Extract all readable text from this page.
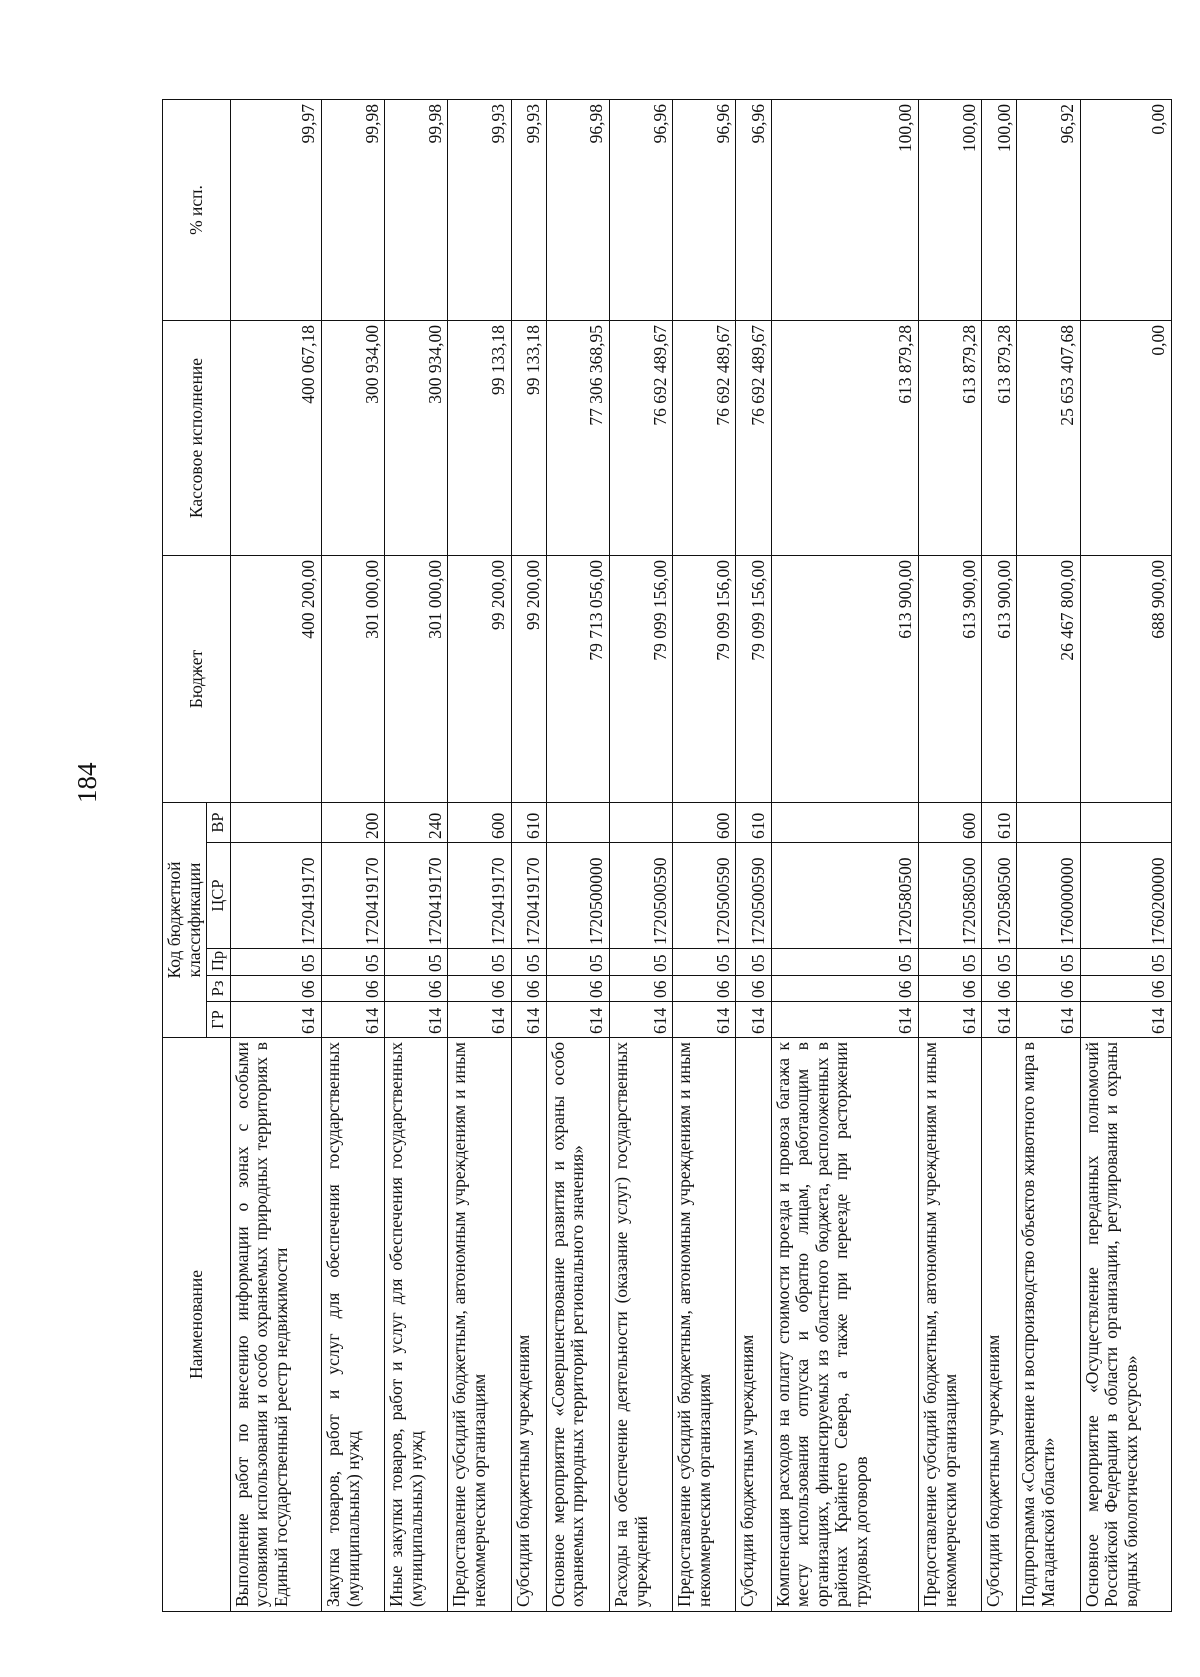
184
Наименование	Код бюджетной классификации					Бюджет	Кассовое исполнение	% исп.
	ГР	Рз	Пр	ЦСР	ВР			
Выполнение работ по внесению информации о зонах с особыми условиями использования и особо охраняемых природных территориях в Единый государственный реестр недвижимости	614	06	05	1720419170		400 200,00	400 067,18	99,97
Закупка товаров, работ и услуг для обеспечения государственных (муниципальных) нужд	614	06	05	1720419170	200	301 000,00	300 934,00	99,98
Иные закупки товаров, работ и услуг для обеспечения государственных (муниципальных) нужд	614	06	05	1720419170	240	301 000,00	300 934,00	99,98
Предоставление субсидий бюджетным, автономным учреждениям и иным некоммерческим организациям	614	06	05	1720419170	600	99 200,00	99 133,18	99,93
Субсидии бюджетным учреждениям	614	06	05	1720419170	610	99 200,00	99 133,18	99,93
Основное мероприятие «Совершенствование развития и охраны особо охраняемых природных территорий регионального значения»	614	06	05	1720500000		79 713 056,00	77 306 368,95	96,98
Расходы на обеспечение деятельности (оказание услуг) государственных учреждений	614	06	05	1720500590		79 099 156,00	76 692 489,67	96,96
Предоставление субсидий бюджетным, автономным учреждениям и иным некоммерческим организациям	614	06	05	1720500590	600	79 099 156,00	76 692 489,67	96,96
Субсидии бюджетным учреждениям	614	06	05	1720500590	610	79 099 156,00	76 692 489,67	96,96
Компенсация расходов на оплату стоимости проезда и провоза багажа к месту использования отпуска и обратно лицам, работающим в организациях, финансируемых из областного бюджета, расположенных в районах Крайнего Севера, а также при переезде при расторжении трудовых договоров	614	06	05	1720580500		613 900,00	613 879,28	100,00
Предоставление субсидий бюджетным, автономным учреждениям и иным некоммерческим организациям	614	06	05	1720580500	600	613 900,00	613 879,28	100,00
Субсидии бюджетным учреждениям	614	06	05	1720580500	610	613 900,00	613 879,28	100,00
Подпрограмма «Сохранение и воспроизводство объектов животного мира в Магаданской области»	614	06	05	1760000000		26 467 800,00	25 653 407,68	96,92
Основное мероприятие «Осуществление переданных полномочий Российской Федерации в области организации, регулирования и охраны водных биологических ресурсов»	614	06	05	1760200000		688 900,00	0,00	0,00
